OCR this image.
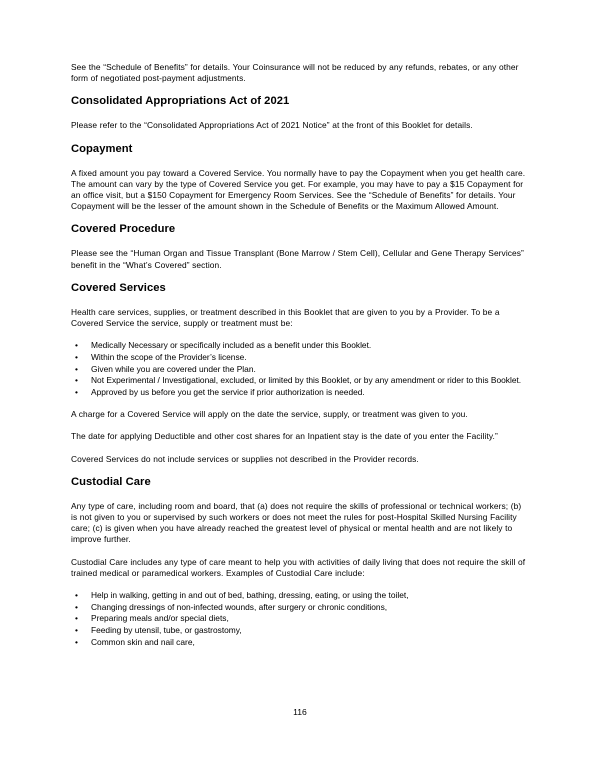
See the “Schedule of Benefits” for details. Your Coinsurance will not be reduced by any refunds, rebates, or any other form of negotiated post-payment adjustments.

Consolidated Appropriations Act of 2021

Please refer to the “Consolidated Appropriations Act of 2021 Notice” at the front of this Booklet for details.

Copayment

A fixed amount you pay toward a Covered Service. You normally have to pay the Copayment when you get health care. The amount can vary by the type of Covered Service you get. For example, you may have to pay a $15 Copayment for an office visit, but a $150 Copayment for Emergency Room Services. See the “Schedule of Benefits” for details. Your Copayment will be the lesser of the amount shown in the Schedule of Benefits or the Maximum Allowed Amount.

Covered Procedure

Please see the “Human Organ and Tissue Transplant (Bone Marrow / Stem Cell), Cellular and Gene Therapy Services” benefit in the “What’s Covered” section.

Covered Services

Health care services, supplies, or treatment described in this Booklet that are given to you by a Provider. To be a Covered Service the service, supply or treatment must be:

• Medically Necessary or specifically included as a benefit under this Booklet.
• Within the scope of the Provider’s license.
• Given while you are covered under the Plan.
• Not Experimental / Investigational, excluded, or limited by this Booklet, or by any amendment or rider to this Booklet.
• Approved by us before you get the service if prior authorization is needed.

A charge for a Covered Service will apply on the date the service, supply, or treatment was given to you.

The date for applying Deductible and other cost shares for an Inpatient stay is the date of you enter the Facility.”

Covered Services do not include services or supplies not described in the Provider records.

Custodial Care

Any type of care, including room and board, that (a) does not require the skills of professional or technical workers; (b) is not given to you or supervised by such workers or does not meet the rules for post-Hospital Skilled Nursing Facility care; (c) is given when you have already reached the greatest level of physical or mental health and are not likely to improve further.

Custodial Care includes any type of care meant to help you with activities of daily living that does not require the skill of trained medical or paramedical workers. Examples of Custodial Care include:

• Help in walking, getting in and out of bed, bathing, dressing, eating, or using the toilet,
• Changing dressings of non-infected wounds, after surgery or chronic conditions,
• Preparing meals and/or special diets,
• Feeding by utensil, tube, or gastrostomy,
• Common skin and nail care,
116
